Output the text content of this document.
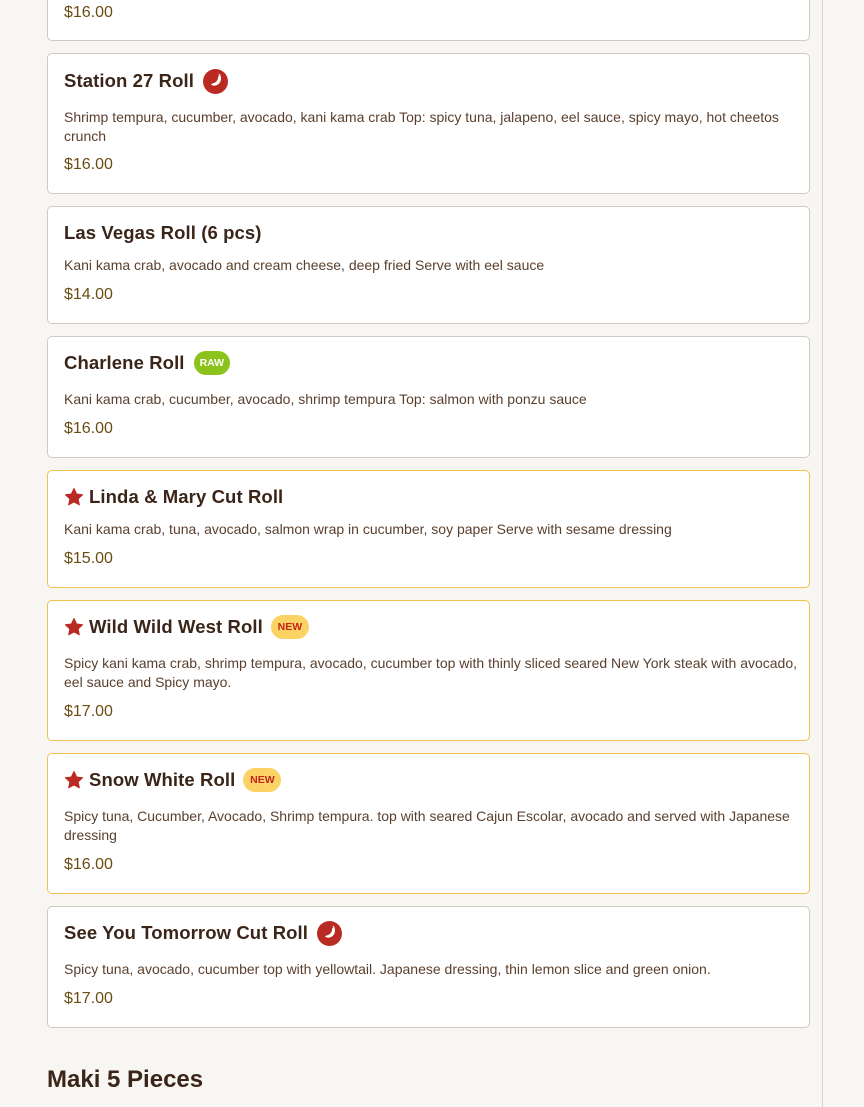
$16.00
Station 27 Roll
Shrimp tempura, cucumber, avocado, kani kama crab Top: spicy tuna, jalapeno, eel sauce, spicy mayo, hot cheetos crunch
$16.00
Las Vegas Roll (6 pcs)
Kani kama crab, avocado and cream cheese, deep fried Serve with eel sauce
$14.00
Charlene Roll	RAW
Kani kama crab, cucumber, avocado, shrimp tempura Top: salmon with ponzu sauce
$16.00
Linda & Mary Cut Roll
Kani kama crab, tuna, avocado, salmon wrap in cucumber, soy paper Serve with sesame dressing
$15.00
Wild Wild West Roll	NEW
Spicy kani kama crab, shrimp tempura, avocado, cucumber top with thinly sliced seared New York steak with avocado, eel sauce and Spicy mayo.
$17.00
Snow White Roll	NEW
Spicy tuna, Cucumber, Avocado, Shrimp tempura. top with seared Cajun Escolar, avocado and served with Japanese dressing
$16.00
See You Tomorrow Cut Roll
Spicy tuna, avocado, cucumber top with yellowtail. Japanese dressing, thin lemon slice and green onion.
$17.00
Maki 5 Pieces
